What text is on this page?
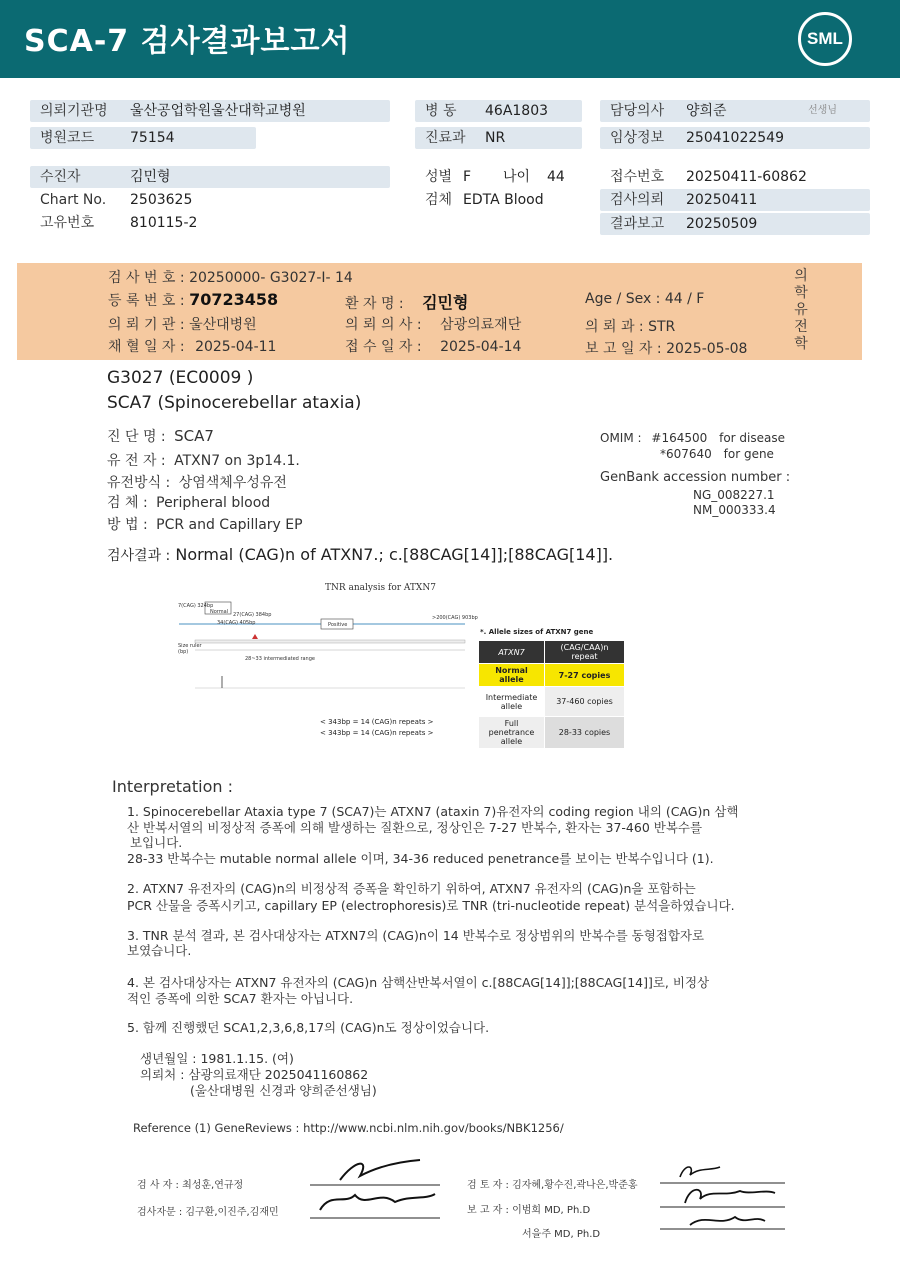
SCA-7 검사결과보고서	SML
의뢰기관명 울산공업학원울산대학교병원
병원코드	75154
병 동 46A1803
진료과 NR
담당의사 양희준	선생님
임상정보 25041022549
수진자	김민형
Chart No. 2503625
고유번호	810115-2
성별 F 나이 44
검체 EDTA Blood
접수번호 20250411-60862
검사의뢰 20250411
결과보고 20250509
검 사 번 호 : 20250000- G3027-I- 14
등 록 번 호 : 70723458	환 자 명 : 김민형	Age / Sex : 44 / F
의 뢰 기 관 : 울산대병원	의 뢰 의 사 : 삼광의료재단	의 뢰 과 : STR
채 혈 일 자 : 2025-04-11	접 수 일 자 : 2025-04-14	보 고 일 자 : 2025-05-08
의학유전학
G3027 (EC0009 )
SCA7 (Spinocerebellar ataxia)
진 단 명 : SCA7
유 전 자 : ATXN7 on 3p14.1.
유전방식 : 상염색체우성유전
검 체 : Peripheral blood
방 법 : PCR and Capillary EP
OMIM : #164500 for disease
*607640 for gene
GenBank accession number :
NG_008227.1
NM_000333.4
검사결과 : Normal (CAG)n of ATXN7.; c.[88CAG[14]];[88CAG[14]].
TNR analysis for ATXN7
7(CAG) 324bp
Normal 27(CAG) 384bp
34(CAG) 405bp	Positive
>200(CAG) 903bp
Size ruler (bp)
28~33 intermediated range
< 343bp = 14 (CAG)n repeats >
< 343bp = 14 (CAG)n repeats >
*. Allele sizes of ATXN7 gene
ATXN7	(CAG/CAA)n repeat
Normal allele	7-27 copies
Intermediate allele	37-460 copies
Full penetrance allele	28-33 copies
Interpretation :
1. Spinocerebellar Ataxia type 7 (SCA7)는 ATXN7 (ataxin 7)유전자의 coding region 내의 (CAG)n 삼핵
산 반복서열의 비정상적 증폭에 의해 발생하는 질환으로, 정상인은 7-27 반복수, 환자는 37-460 반복수를
보입니다.
28-33 반복수는 mutable normal allele 이며, 34-36 reduced penetrance를 보이는 반복수입니다 (1).
2. ATXN7 유전자의 (CAG)n의 비정상적 증폭을 확인하기 위하여, ATXN7 유전자의 (CAG)n을 포함하는
PCR 산물을 증폭시키고, capillary EP (electrophoresis)로 TNR (tri-nucleotide repeat) 분석을하였습니다.
3. TNR 분석 결과, 본 검사대상자는 ATXN7의 (CAG)n이 14 반복수로 정상범위의 반복수를 동형접합자로
보였습니다.
4. 본 검사대상자는 ATXN7 유전자의 (CAG)n 삼핵산반복서열이 c.[88CAG[14]];[88CAG[14]]로, 비정상
적인 증폭에 의한 SCA7 환자는 아닙니다.
5. 함께 진행했던 SCA1,2,3,6,8,17의 (CAG)n도 정상이었습니다.
생년월일 : 1981.1.15. (여)
의뢰처 : 삼광의료재단 2025041160862
(울산대병원 신경과 양희준선생님)
Reference (1) GeneReviews : http://www.ncbi.nlm.nih.gov/books/NBK1256/
검 사 자 : 최성훈,연규정
검사자문 : 김구환,이진주,김재민
검 토 자 : 김자혜,황수진,곽나은,박준홍
보 고 자 : 이범희 MD, Ph.D
서을주 MD, Ph.D
